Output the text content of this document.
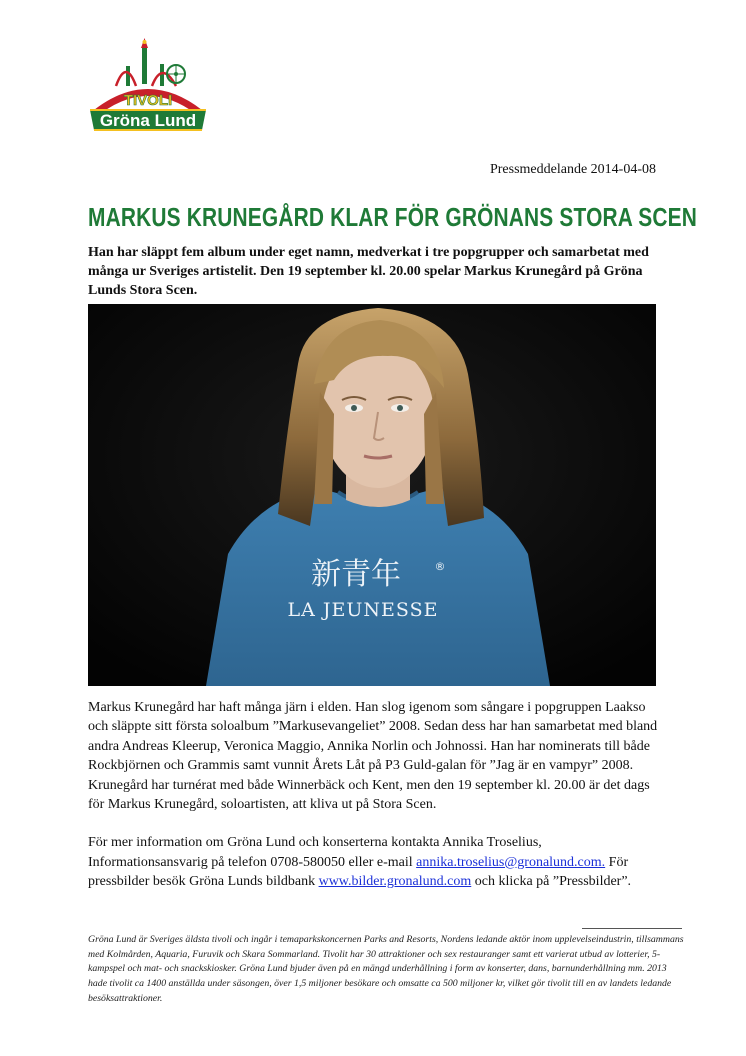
TIVOLI
Gröna Lund
Pressmeddelande 2014-04-08
MARKUS KRUNEGÅRD KLAR FÖR GRÖNANS STORA SCEN
Han har släppt fem album under eget namn, medverkat i tre popgrupper och samarbetat med många ur Sveriges artistelit. Den 19 september kl. 20.00 spelar Markus Krunegård på Gröna Lunds Stora Scen.
新青年	®
LA JEUNESSE

Markus Krunegård har haft många järn i elden. Han slog igenom som sångare i popgruppen Laakso och släppte sitt första soloalbum ”Markusevangeliet” 2008. Sedan dess har han samarbetat med bland andra Andreas Kleerup, Veronica Maggio, Annika Norlin och Johnossi. Han har nominerats till både Rockbjörnen och Grammis samt vunnit Årets Låt på P3 Guld-galan för ”Jag är en vampyr” 2008. Krunegård har turnérat med både Winnerbäck och Kent, men den 19 september kl. 20.00 är det dags för Markus Krunegård, soloartisten, att kliva ut på Stora Scen.

För mer information om Gröna Lund och konserterna kontakta Annika Troselius, Informationsansvarig på telefon 0708-580050 eller e-mail annika.troselius@gronalund.com. För pressbilder besök Gröna Lunds bildbank www.bilder.gronalund.com och klicka på ”Pressbilder”.

Gröna Lund är Sveriges äldsta tivoli och ingår i temaparkskoncernen Parks and Resorts, Nordens ledande aktör inom upplevelseindustrin, tillsammans med Kolmården, Aquaria, Furuvik och Skara Sommarland. Tivolit har 30 attraktioner och sex restauranger samt ett varierat utbud av lotterier, 5-kampspel och mat- och snackskiosker. Gröna Lund bjuder även på en mängd underhållning i form av konserter, dans, barnunderhållning mm. 2013 hade tivolit ca 1400 anställda under säsongen, över 1,5 miljoner besökare och omsatte ca 500 miljoner kr, vilket gör tivolit till en av landets ledande besöksattraktioner.
